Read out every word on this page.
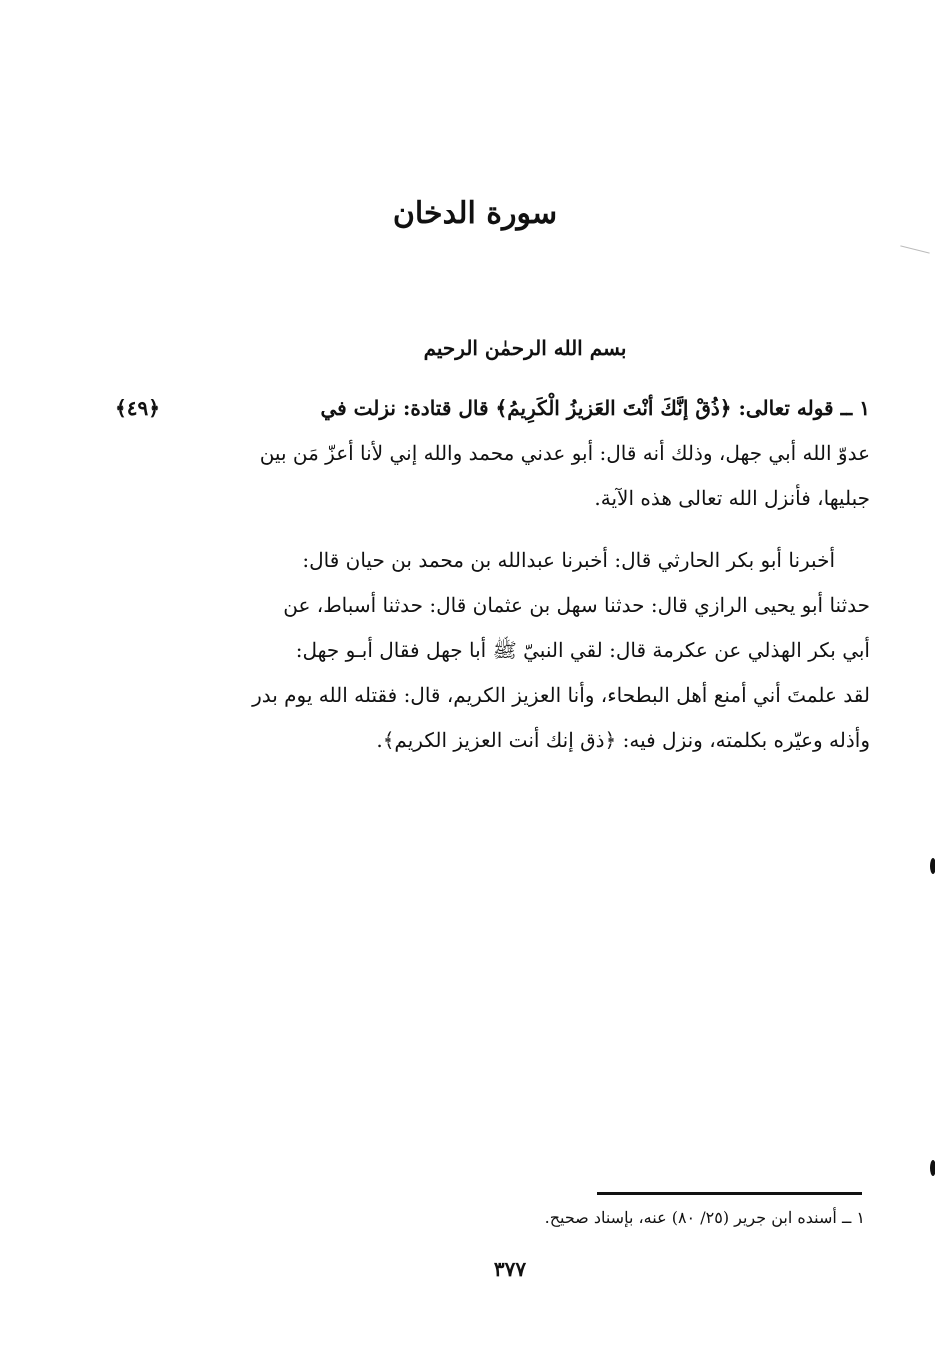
سورة الدخان
بسم الله الرحمٰن الرحيم
﴿٤٩﴾	١ ــ قوله تعالى: ﴿ذُقْ إنَّكَ أنْتَ العَزيزُ الْكَرِيمُ﴾ قال قتادة: نزلت في
عدوّ الله أبي جهل، وذلك أنه قال: أبو عدني محمد والله إني لأنا أعزّ مَن بين
جبليها، فأنزل الله تعالى هذه الآية.
أخبرنا أبو بكر الحارثي قال: أخبرنا عبدالله بن محمد بن حيان قال:
حدثنا أبو يحيى الرازي قال: حدثنا سهل بن عثمان قال: حدثنا أسباط، عن
أبي بكر الهذلي عن عكرمة قال: لقي النبيّ ﷺ أبا جهل فقال أبـو جهل:
لقد علمتَ أني أمنع أهل البطحاء، وأنا العزيز الكريم، قال: فقتله الله يوم بدر
وأذله وعيّره بكلمته، ونزل فيه: ﴿ذق إنك أنت العزيز الكريم﴾.
١ ــ أسنده ابن جرير (٢٥/ ٨٠) عنه، بإسناد صحيح.
٣٧٧
